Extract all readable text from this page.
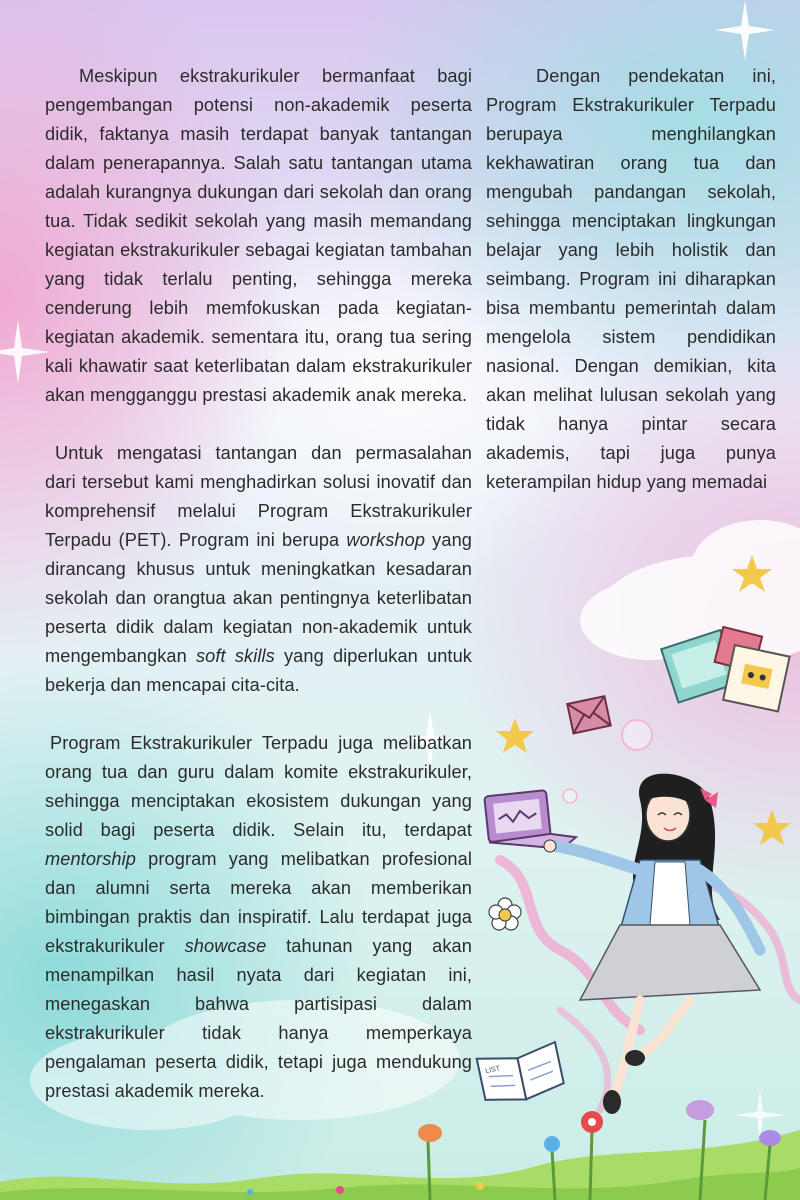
LIST

Meskipun ekstrakurikuler bermanfaat bagi pengembangan potensi non-akademik peserta didik, faktanya masih terdapat banyak tantangan dalam penerapannya. Salah satu tantangan utama adalah kurangnya dukungan dari sekolah dan orang tua. Tidak sedikit sekolah yang masih memandang kegiatan ekstrakurikuler sebagai kegiatan tambahan yang tidak terlalu penting, sehingga mereka cenderung lebih memfokuskan pada kegiatan-kegiatan akademik. sementara itu, orang tua sering kali khawatir saat keterlibatan dalam ekstrakurikuler akan mengganggu prestasi akademik anak mereka.

Untuk mengatasi tantangan dan permasalahan dari tersebut kami menghadirkan solusi inovatif dan komprehensif melalui Program Ekstrakurikuler Terpadu (PET). Program ini berupa workshop yang dirancang khusus untuk meningkatkan kesadaran sekolah dan orangtua akan pentingnya keterlibatan peserta didik dalam kegiatan non-akademik untuk mengembangkan soft skills yang diperlukan untuk bekerja dan mencapai cita-cita.

Program Ekstrakurikuler Terpadu juga melibatkan orang tua dan guru dalam komite ekstrakurikuler, sehingga menciptakan ekosistem dukungan yang solid bagi peserta didik. Selain itu, terdapat mentorship program yang melibatkan profesional dan alumni serta mereka akan memberikan bimbingan praktis dan inspiratif. Lalu terdapat juga ekstrakurikuler showcase tahunan yang akan menampilkan hasil nyata dari kegiatan ini, menegaskan bahwa partisipasi dalam ekstrakurikuler tidak hanya memperkaya pengalaman peserta didik, tetapi juga mendukung prestasi akademik mereka.

Dengan pendekatan ini, Program Ekstrakurikuler Terpadu berupaya menghilangkan kekhawatiran orang tua dan mengubah pandangan sekolah, sehingga menciptakan lingkungan belajar yang lebih holistik dan seimbang. Program ini diharapkan bisa membantu pemerintah dalam mengelola sistem pendidikan nasional. Dengan demikian, kita akan melihat lulusan sekolah yang tidak hanya pintar secara akademis, tapi juga punya keterampilan hidup yang memadai
